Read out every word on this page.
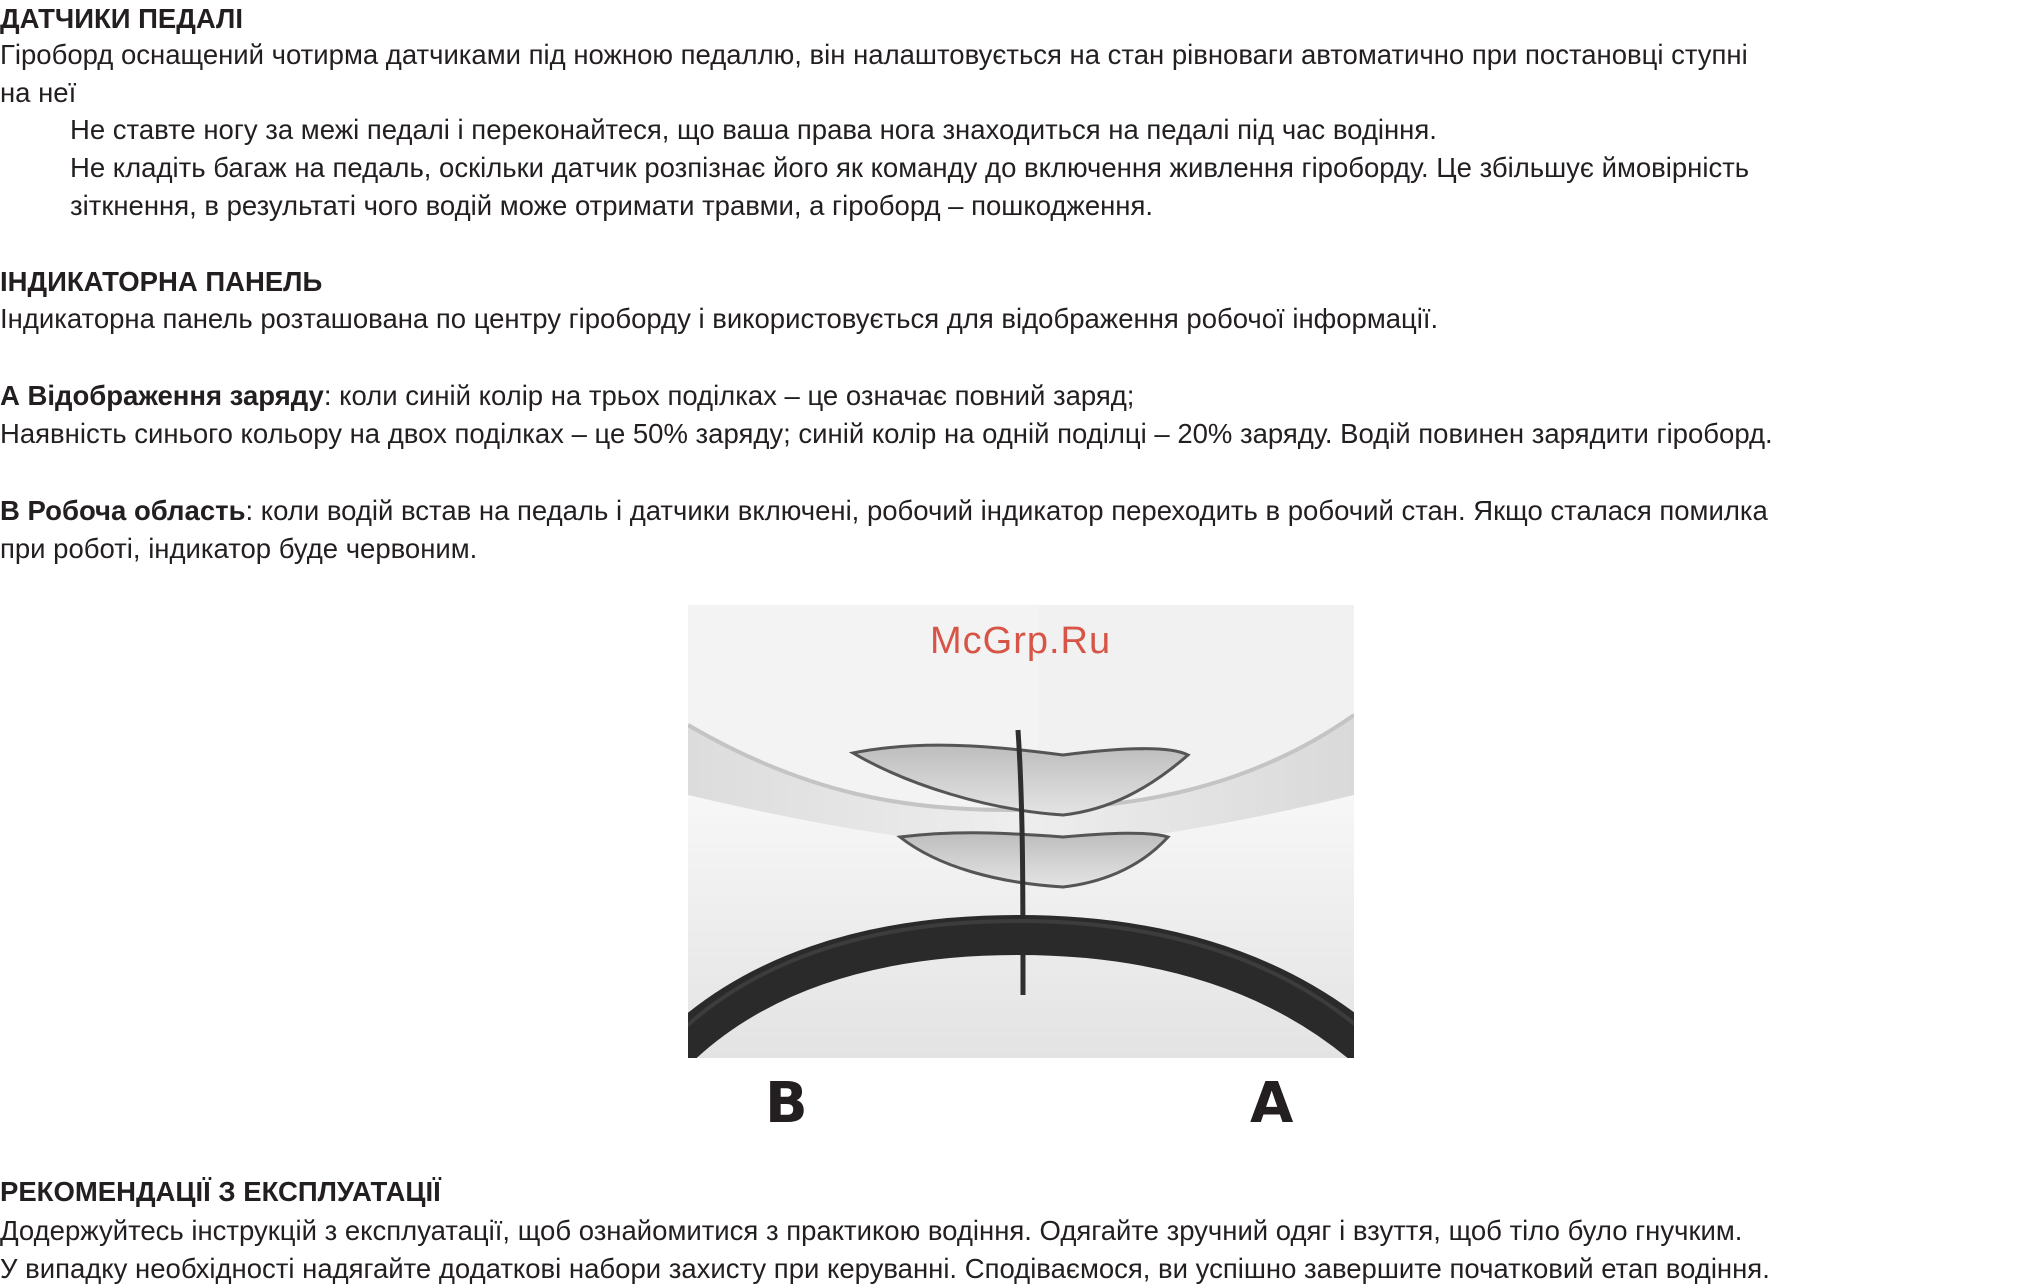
ДАТЧИКИ ПЕДАЛІ
Гіроборд оснащений чотирма датчиками під ножною педаллю, він налаштовується на стан рівноваги автоматично при постановці ступні
на неї
Не ставте ногу за межі педалі і переконайтеся, що ваша права нога знаходиться на педалі під час водіння.
Не кладіть багаж на педаль, оскільки датчик розпізнає його як команду до включення живлення гіроборду. Це збільшує ймовірність
зіткнення, в результаті чого водій може отримати травми, а гіроборд – пошкодження.
ІНДИКАТОРНА ПАНЕЛЬ
Індикаторна панель розташована по центру гіроборду і використовується для відображення робочої інформації.
А Відображення заряду: коли синій колір на трьох поділках – це означає повний заряд;
Наявність синього кольору на двох поділках – це 50% заряду; синій колір на одній поділці – 20% заряду. Водій повинен зарядити гіроборд.
В Робоча область: коли водій встав на педаль і датчики включені, робочий індикатор переходить в робочий стан. Якщо сталася помилка
при роботі, індикатор буде червоним.
McGrp.Ru
B	A
РЕКОМЕНДАЦІЇ З ЕКСПЛУАТАЦІЇ
Додержуйтесь інструкцій з експлуатації, щоб ознайомитися з практикою водіння. Одягайте зручний одяг і взуття, щоб тіло було гнучким.
У випадку необхідності надягайте додаткові набори захисту при керуванні. Сподіваємося, ви успішно завершите початковий етап водіння.
